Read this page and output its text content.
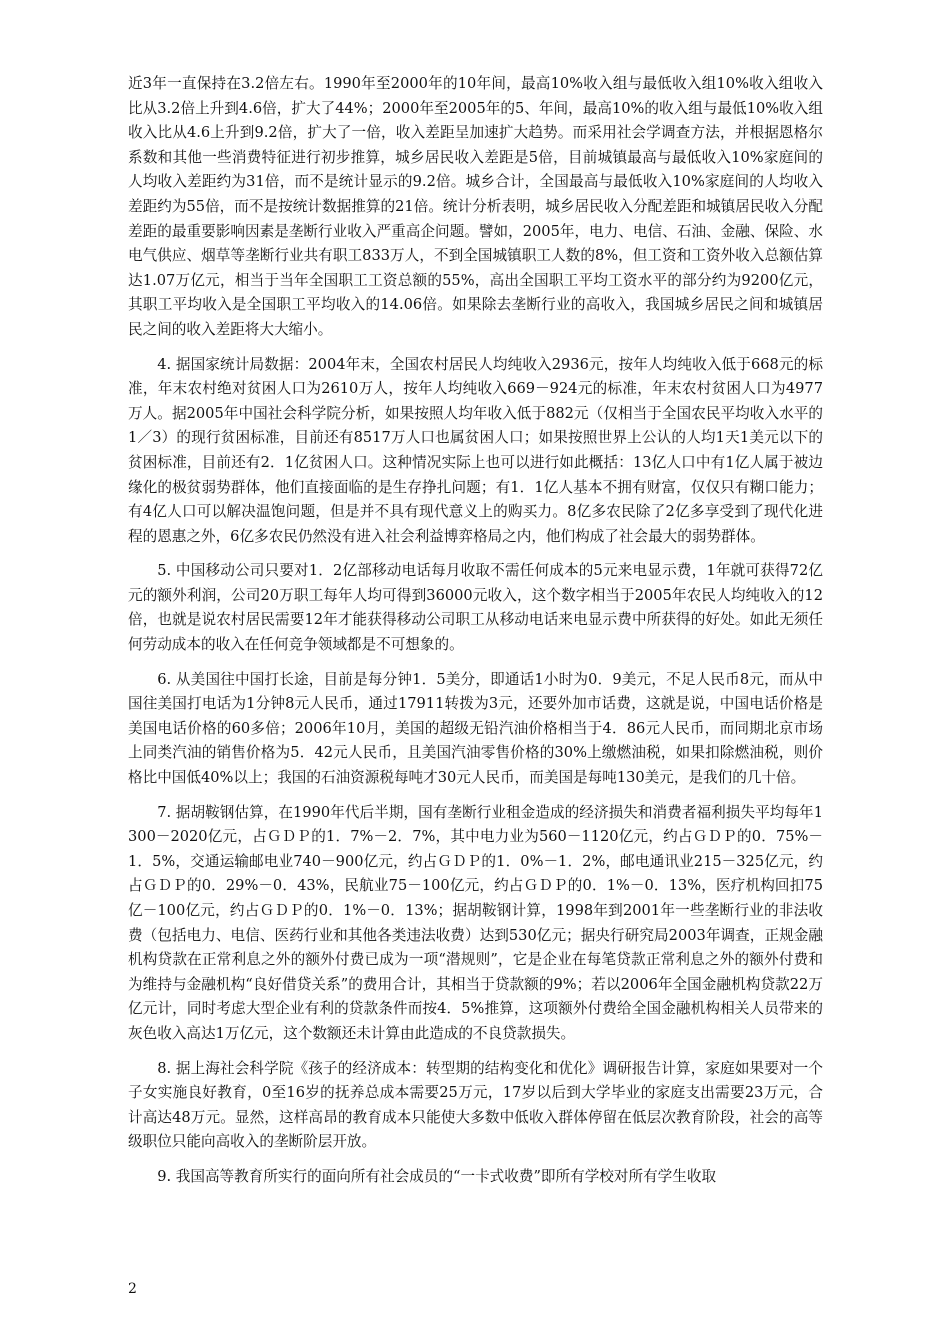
近3年一直保持在3.2倍左右。1990年至2000年的10年间，最高10%收入组与最低收入组10%收入组收入比从3.2倍上升到4.6倍，扩大了44%；2000年至2005年的5、年间，最高10%的收入组与最低10%收入组收入比从4.6上升到9.2倍，扩大了一倍，收入差距呈加速扩大趋势。而采用社会学调查方法，并根据恩格尔系数和其他一些消费特征进行初步推算，城乡居民收入差距是5倍，目前城镇最高与最低收入10%家庭间的人均收入差距约为31倍，而不是统计显示的9.2倍。城乡合计，全国最高与最低收入10%家庭间的人均收入差距约为55倍，而不是按统计数据推算的21倍。统计分析表明，城乡居民收入分配差距和城镇居民收入分配差距的最重要影响因素是垄断行业收入严重高企问题。譬如，2005年，电力、电信、石油、金融、保险、水电气供应、烟草等垄断行业共有职工833万人，不到全国城镇职工人数的8%，但工资和工资外收入总额估算达1.07万亿元，相当于当年全国职工工资总额的55%，高出全国职工平均工资水平的部分约为9200亿元，其职工平均收入是全国职工平均收入的14.06倍。如果除去垄断行业的高收入，我国城乡居民之间和城镇居民之间的收入差距将大大缩小。

4. 据国家统计局数据：2004年末，全国农村居民人均纯收入2936元，按年人均纯收入低于668元的标准，年末农村绝对贫困人口为2610万人，按年人均纯收入669－924元的标准，年末农村贫困人口为4977万人。据2005年中国社会科学院分析，如果按照人均年收入低于882元（仅相当于全国农民平均收入水平的1／3）的现行贫困标准，目前还有8517万人口也属贫困人口；如果按照世界上公认的人均1天1美元以下的贫困标准，目前还有2．1亿贫困人口。这种情况实际上也可以进行如此概括：13亿人口中有1亿人属于被边缘化的极贫弱势群体，他们直接面临的是生存挣扎问题；有1．1亿人基本不拥有财富，仅仅只有糊口能力；有4亿人口可以解决温饱问题，但是并不具有现代意义上的购买力。8亿多农民除了2亿多享受到了现代化进程的恩惠之外，6亿多农民仍然没有进入社会利益博弈格局之内，他们构成了社会最大的弱势群体。

5. 中国移动公司只要对1．2亿部移动电话每月收取不需任何成本的5元来电显示费，1年就可获得72亿元的额外利润，公司20万职工每年人均可得到36000元收入，这个数字相当于2005年农民人均纯收入的12倍，也就是说农村居民需要12年才能获得移动公司职工从移动电话来电显示费中所获得的好处。如此无须任何劳动成本的收入在任何竞争领域都是不可想象的。

6. 从美国往中国打长途，目前是每分钟1．5美分，即通话1小时为0．9美元，不足人民币8元，而从中国往美国打电话为1分钟8元人民币，通过17911转拨为3元，还要外加市话费，这就是说，中国电话价格是美国电话价格的60多倍；2006年10月，美国的超级无铅汽油价格相当于4．86元人民币，而同期北京市场上同类汽油的销售价格为5．42元人民币，且美国汽油零售价格的30%上缴燃油税，如果扣除燃油税，则价格比中国低40%以上；我国的石油资源税每吨才30元人民币，而美国是每吨130美元，是我们的几十倍。

7. 据胡鞍钢估算，在1990年代后半期，国有垄断行业租金造成的经济损失和消费者福利损失平均每年1300－2020亿元，占ＧＤＰ的1．7%－2．7%，其中电力业为560－1120亿元，约占ＧＤＰ的0．75%－1．5%，交通运输邮电业740－900亿元，约占ＧＤＰ的1．0%－1．2%，邮电通讯业215－325亿元，约占ＧＤＰ的0．29%－0．43%，民航业75－100亿元，约占ＧＤＰ的0．1%－0．13%，医疗机构回扣75亿－100亿元，约占ＧＤＰ的0．1%－0．13%；据胡鞍钢计算，1998年到2001年一些垄断行业的非法收费（包括电力、电信、医药行业和其他各类违法收费）达到530亿元；据央行研究局2003年调查，正规金融机构贷款在正常利息之外的额外付费已成为一项“潜规则”，它是企业在每笔贷款正常利息之外的额外付费和为维持与金融机构“良好借贷关系”的费用合计，其相当于贷款额的9%；若以2006年全国金融机构贷款22万亿元计，同时考虑大型企业有利的贷款条件而按4．5%推算，这项额外付费给全国金融机构相关人员带来的灰色收入高达1万亿元，这个数额还未计算由此造成的不良贷款损失。

8. 据上海社会科学院《孩子的经济成本：转型期的结构变化和优化》调研报告计算，家庭如果要对一个子女实施良好教育，0至16岁的抚养总成本需要25万元，17岁以后到大学毕业的家庭支出需要23万元，合计高达48万元。显然，这样高昂的教育成本只能使大多数中低收入群体停留在低层次教育阶段，社会的高等级职位只能向高收入的垄断阶层开放。

9. 我国高等教育所实行的面向所有社会成员的“一卡式收费”即所有学校对所有学生收取

2
